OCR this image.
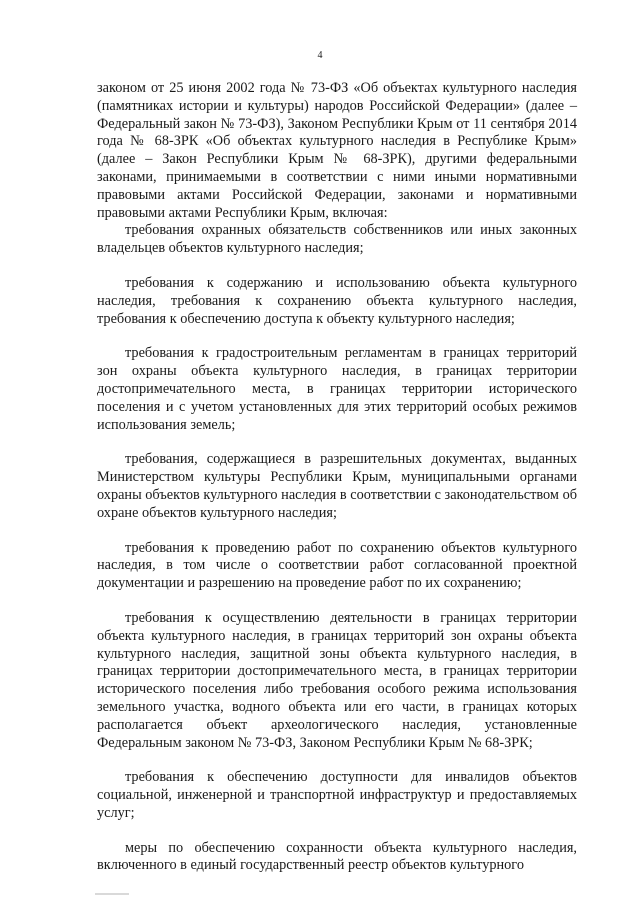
4

законом от 25 июня 2002 года № 73-ФЗ «Об объектах культурного наследия (памятниках истории и культуры) народов Российской Федерации» (далее – Федеральный закон № 73-ФЗ), Законом Республики Крым от 11 сентября 2014 года № 68-ЗРК «Об объектах культурного наследия в Республике Крым» (далее – Закон Республики Крым № 68-ЗРК), другими федеральными законами, принимаемыми в соответствии с ними иными нормативными правовыми актами Российской Федерации, законами и нормативными правовыми актами Республики Крым, включая:

требования охранных обязательств собственников или иных законных владельцев объектов культурного наследия;

требования к содержанию и использованию объекта культурного наследия, требования к сохранению объекта культурного наследия, требования к обеспечению доступа к объекту культурного наследия;

требования к градостроительным регламентам в границах территорий зон охраны объекта культурного наследия, в границах территории достопримечательного места, в границах территории исторического поселения и с учетом установленных для этих территорий особых режимов использования земель;

требования, содержащиеся в разрешительных документах, выданных Министерством культуры Республики Крым, муниципальными органами охраны объектов культурного наследия в соответствии с законодательством об охране объектов культурного наследия;

требования к проведению работ по сохранению объектов культурного наследия, в том числе о соответствии работ согласованной проектной документации и разрешению на проведение работ по их сохранению;

требования к осуществлению деятельности в границах территории объекта культурного наследия, в границах территорий зон охраны объекта культурного наследия, защитной зоны объекта культурного наследия, в границах территории достопримечательного места, в границах территории исторического поселения либо требования особого режима использования земельного участка, водного объекта или его части, в границах которых располагается объект археологического наследия, установленные Федеральным законом № 73-ФЗ, Законом Республики Крым № 68-ЗРК;

требования к обеспечению доступности для инвалидов объектов социальной, инженерной и транспортной инфраструктур и предоставляемых услуг;

меры по обеспечению сохранности объекта культурного наследия, включенного в единый государственный реестр объектов культурного
